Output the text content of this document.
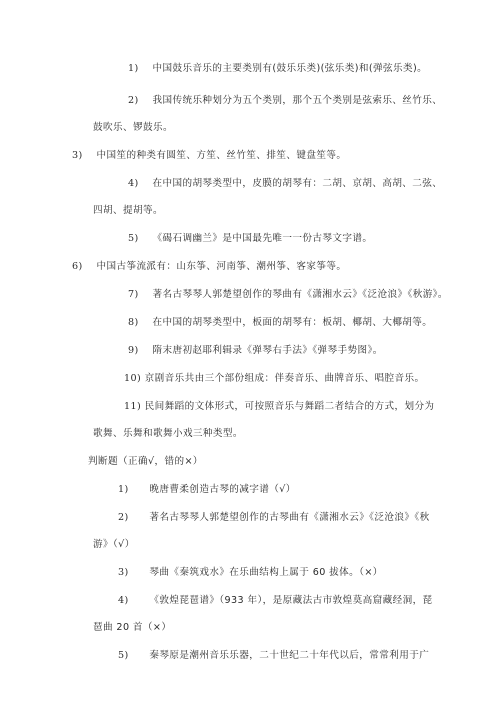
1) 中国鼓乐音乐的主要类别有(鼓乐乐类)(弦乐类)和(弹弦乐类)。
2) 我国传统乐种划分为五个类别，那个五个类别是弦索乐、丝竹乐、
鼓吹乐、锣鼓乐。
3) 中国笙的种类有圆笙、方笙、丝竹笙、排笙、键盘笙等。
4) 在中国的胡琴类型中，皮膜的胡琴有：二胡、京胡、高胡、二弦、
四胡、提胡等。
5) 《碣石调幽兰》是中国最先唯一一份古琴文字谱。
6) 中国古筝流派有：山东筝、河南筝、潮州筝、客家筝等。
7) 著名古琴琴人郭楚望创作的琴曲有《潇湘水云》《泛沧浪》《秋游》。
8) 在中国的胡琴类型中，板面的胡琴有：板胡、椰胡、大椰胡等。
9) 隋末唐初赵耶利辑录《弹琴右手法》《弹琴手势图》。
10) 京剧音乐共由三个部份组成：伴奏音乐、曲牌音乐、唱腔音乐。
11) 民间舞蹈的文体形式，可按照音乐与舞蹈二者结合的方式，划分为
歌舞、乐舞和歌舞小戏三种类型。
判断题（正确√，错的×）
1) 晚唐曹柔创造古琴的减字谱（√）
2) 著名古琴琴人郭楚望创作的古琴曲有《潇湘水云》《泛沧浪》《秋
游》（√）
3) 琴曲《秦筑戏水》在乐曲结构上属于 60 拔体。（×）
4) 《敦煌琵琶谱》（933 年），是原藏法古市敦煌莫高窟藏经洞，琵
琶曲 20 首（×）
5) 秦琴原是潮州音乐乐器，二十世纪二十年代以后，常常利用于广
